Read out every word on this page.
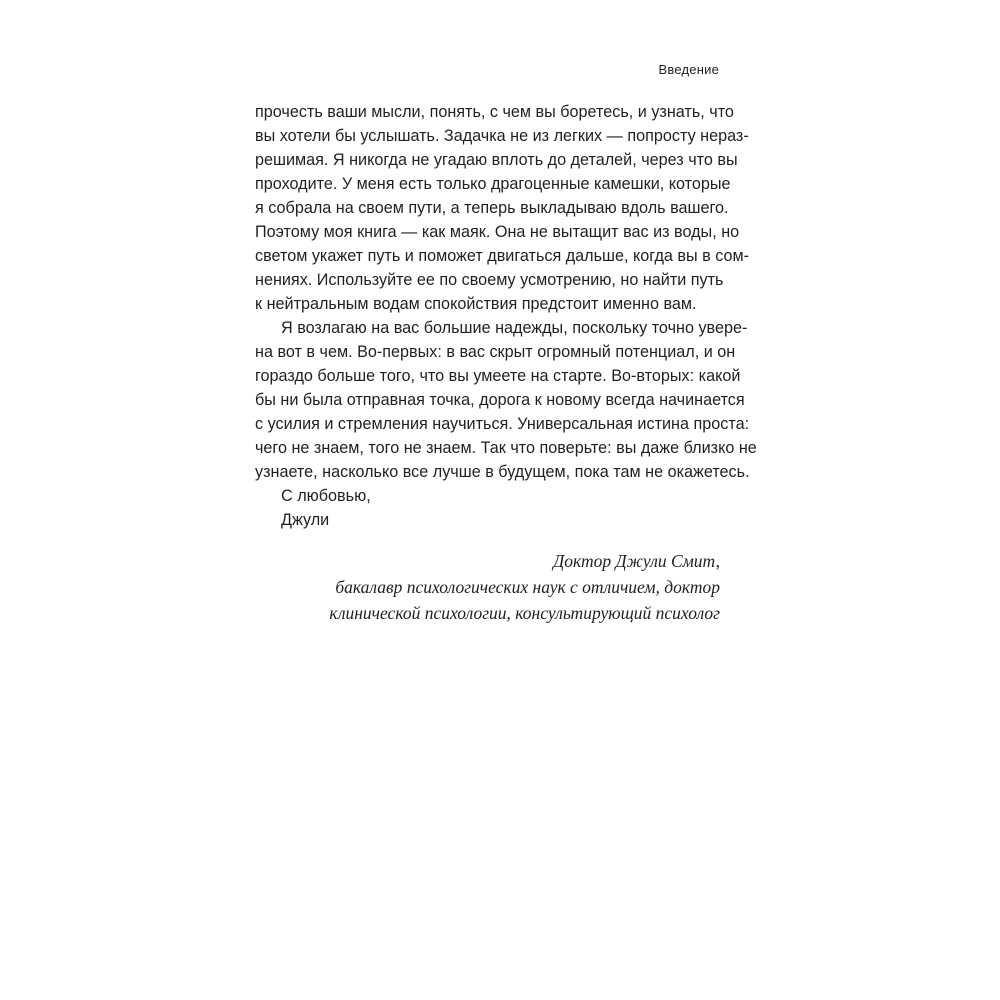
Введение
прочесть ваши мысли, понять, с чем вы боретесь, и узнать, что
вы хотели бы услышать. Задачка не из легких — попросту нераз-
решимая. Я никогда не угадаю вплоть до деталей, через что вы
проходите. У меня есть только драгоценные камешки, которые
я собрала на своем пути, а теперь выкладываю вдоль вашего.
Поэтому моя книга — как маяк. Она не вытащит вас из воды, но
светом укажет путь и поможет двигаться дальше, когда вы в сом-
нениях. Используйте ее по своему усмотрению, но найти путь
к нейтральным водам спокойствия предстоит именно вам.
Я возлагаю на вас большие надежды, поскольку точно увере-
на вот в чем. Во-первых: в вас скрыт огромный потенциал, и он
гораздо больше того, что вы умеете на старте. Во-вторых: какой
бы ни была отправная точка, дорога к новому всегда начинается
с усилия и стремления научиться. Универсальная истина проста:
чего не знаем, того не знаем. Так что поверьте: вы даже близко не
узнаете, насколько все лучше в будущем, пока там не окажетесь.
С любовью,
Джули
Доктор Джули Смит,
бакалавр психологических наук с отличием, доктор
клинической психологии, консультирующий психолог
